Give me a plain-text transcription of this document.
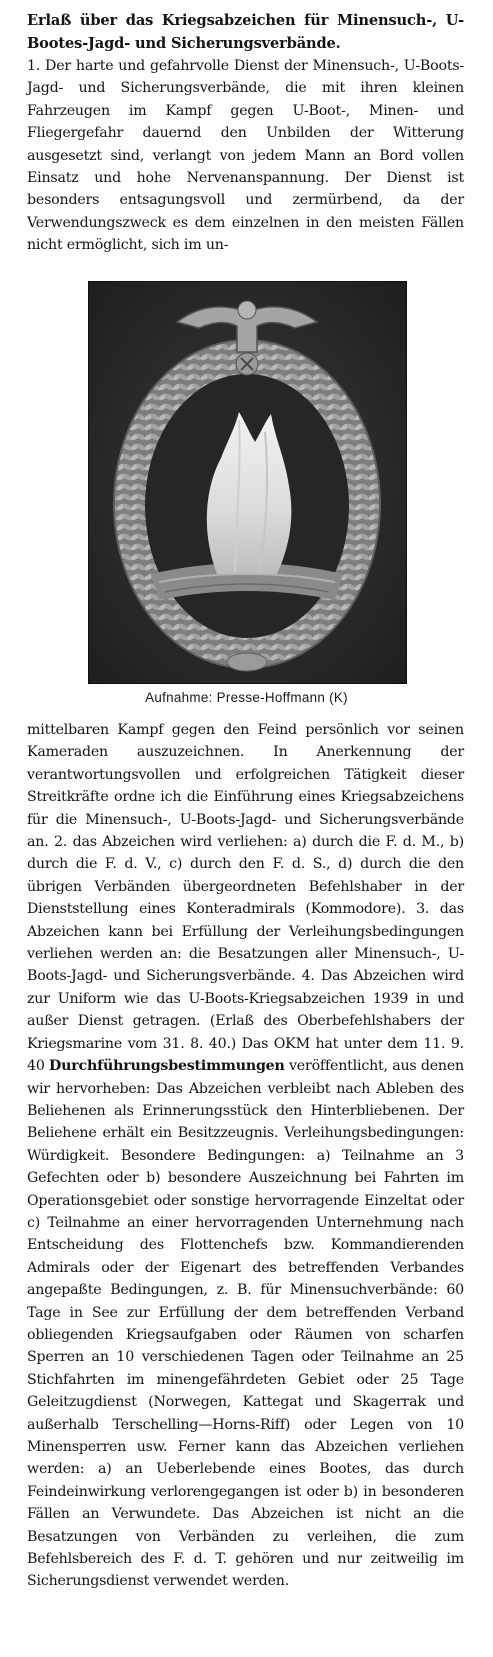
Erlaß über das Kriegsabzeichen für Minensuch-, U-Bootes-Jagd- und Sicherungsverbände.

1. Der harte und gefahrvolle Dienst der Minensuch-, U-Boots-Jagd- und Sicherungsverbände, die mit ihren kleinen Fahrzeugen im Kampf gegen U-Boot-, Minen- und Fliegergefahr dauernd den Unbilden der Witterung ausgesetzt sind, verlangt von jedem Mann an Bord vollen Einsatz und hohe Nervenanspannung. Der Dienst ist besonders entsagungsvoll und zermürbend, da der Verwendungszweck es dem einzelnen in den meisten Fällen nicht ermöglicht, sich im un-

Aufnahme: Presse-Hoffmann (K)

mittelbaren Kampf gegen den Feind persönlich vor seinen Kameraden auszuzeichnen. In Anerkennung der verantwortungsvollen und erfolgreichen Tätigkeit dieser Streitkräfte ordne ich die Einführung eines Kriegsabzeichens für die Minensuch-, U-Boots-Jagd- und Sicherungsverbände an. 2. das Abzeichen wird verliehen: a) durch die F. d. M., b) durch die F. d. V., c) durch den F. d. S., d) durch die den übrigen Verbänden übergeordneten Befehlshaber in der Dienststellung eines Konteradmirals (Kommodore). 3. das Abzeichen kann bei Erfüllung der Verleihungsbedingungen verliehen werden an: die Besatzungen aller Minensuch-, U-Boots-Jagd- und Sicherungsverbände. 4. Das Abzeichen wird zur Uniform wie das U-Boots-Kriegsabzeichen 1939 in und außer Dienst getragen. (Erlaß des Oberbefehlshabers der Kriegsmarine vom 31. 8. 40.) Das OKM hat unter dem 11. 9. 40 Durchführungsbestimmungen veröffentlicht, aus denen wir hervorheben: Das Abzeichen verbleibt nach Ableben des Beliehenen als Erinnerungsstück den Hinterbliebenen. Der Beliehene erhält ein Besitzzeugnis. Verleihungsbedingungen: Würdigkeit. Besondere Bedingungen: a) Teilnahme an 3 Gefechten oder b) besondere Auszeichnung bei Fahrten im Operationsgebiet oder sonstige hervorragende Einzeltat oder c) Teilnahme an einer hervorragenden Unternehmung nach Entscheidung des Flottenchefs bzw. Kommandierenden Admirals oder der Eigenart des betreffenden Verbandes angepaßte Bedingungen, z. B. für Minensuchverbände: 60 Tage in See zur Erfüllung der dem betreffenden Verband obliegenden Kriegsaufgaben oder Räumen von scharfen Sperren an 10 verschiedenen Tagen oder Teilnahme an 25 Stichfahrten im minengefährdeten Gebiet oder 25 Tage Geleitzugdienst (Norwegen, Kattegat und Skagerrak und außerhalb Terschelling—Horns-Riff) oder Legen von 10 Minensperren usw. Ferner kann das Abzeichen verliehen werden: a) an Ueberlebende eines Bootes, das durch Feindeinwirkung verlorengegangen ist oder b) in besonderen Fällen an Verwundete. Das Abzeichen ist nicht an die Besatzungen von Verbänden zu verleihen, die zum Befehlsbereich des F. d. T. gehören und nur zeitweilig im Sicherungsdienst verwendet werden.
